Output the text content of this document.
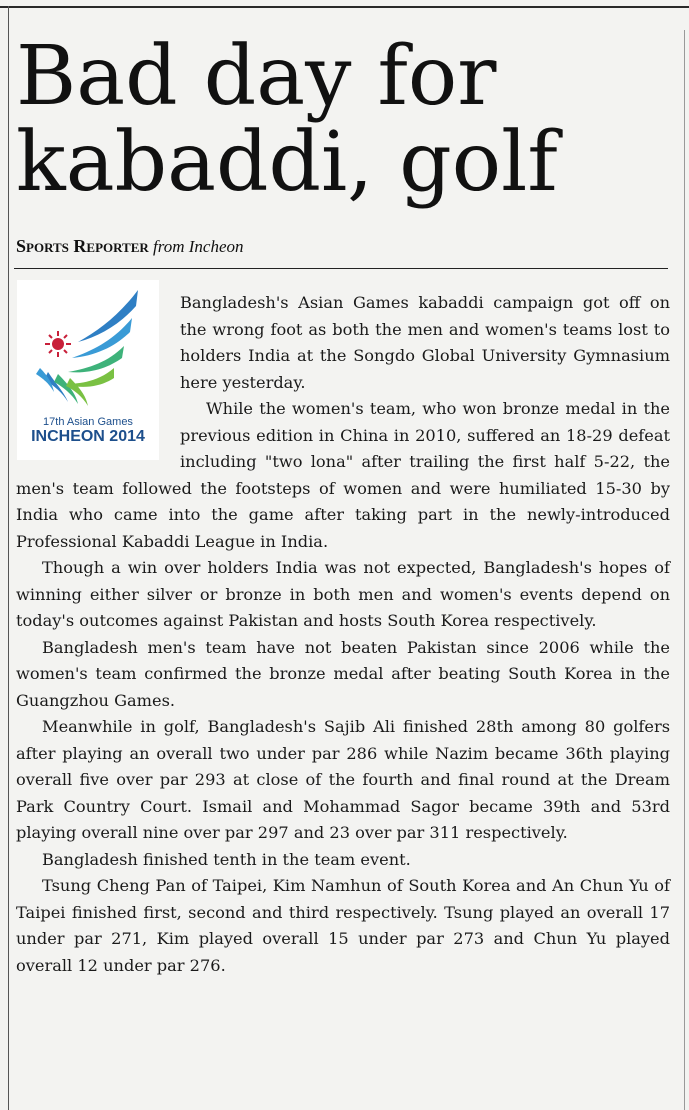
Bad day for kabaddi, golf

Sports Reporter from Incheon

17th Asian Games
INCHEON 2014

Bangladesh's Asian Games kabaddi campaign got off on the wrong foot as both the men and women's teams lost to holders India at the Songdo Global University Gymnasium here yesterday.

While the women's team, who won bronze medal in the previous edition in China in 2010, suffered an 18-29 defeat including "two lona" after trailing the first half 5-22, the men's team followed the footsteps of women and were humiliated 15-30 by India who came into the game after taking part in the newly-introduced Professional Kabaddi League in India.

Though a win over holders India was not expected, Bangladesh's hopes of winning either silver or bronze in both men and women's events depend on today's outcomes against Pakistan and hosts South Korea respectively.

Bangladesh men's team have not beaten Pakistan since 2006 while the women's team confirmed the bronze medal after beating South Korea in the Guangzhou Games.

Meanwhile in golf, Bangladesh's Sajib Ali finished 28th among 80 golfers after playing an overall two under par 286 while Nazim became 36th playing overall five over par 293 at close of the fourth and final round at the Dream Park Country Court. Ismail and Mohammad Sagor became 39th and 53rd playing overall nine over par 297 and 23 over par 311 respectively.

Bangladesh finished tenth in the team event.

Tsung Cheng Pan of Taipei, Kim Namhun of South Korea and An Chun Yu of Taipei finished first, second and third respectively. Tsung played an overall 17 under par 271, Kim played overall 15 under par 273 and Chun Yu played overall 12 under par 276.
